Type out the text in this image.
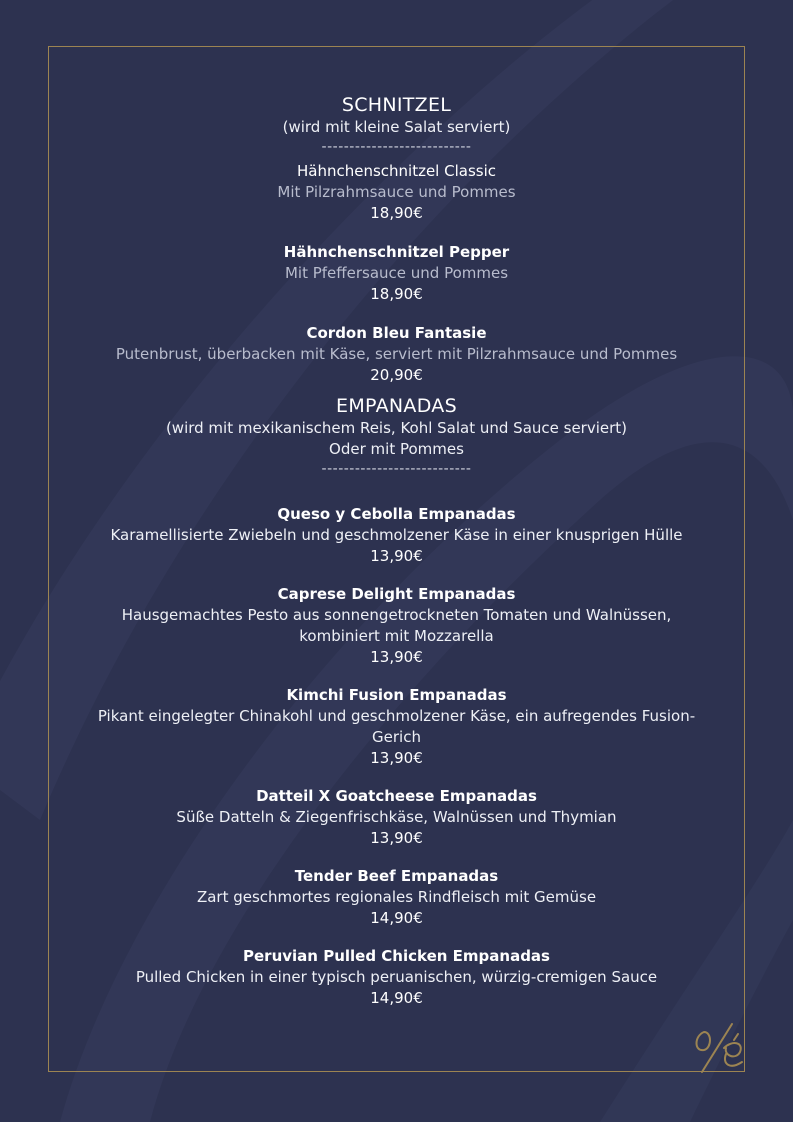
SCHNITZEL
(wird mit kleine Salat serviert)
---------------------------
Hähnchenschnitzel Classic
Mit Pilzrahmsauce und Pommes
18,90€
Hähnchenschnitzel Pepper
Mit Pfeffersauce und Pommes
18,90€
Cordon Bleu Fantasie
Putenbrust, überbacken mit Käse, serviert mit Pilzrahmsauce und Pommes
20,90€
EMPANADAS
(wird mit mexikanischem Reis, Kohl Salat und Sauce serviert)
Oder mit Pommes
---------------------------
Queso y Cebolla Empanadas
Karamellisierte Zwiebeln und geschmolzener Käse in einer knusprigen Hülle
13,90€
Caprese Delight Empanadas
Hausgemachtes Pesto aus sonnengetrockneten Tomaten und Walnüssen, kombiniert mit Mozzarella
13,90€
Kimchi Fusion Empanadas
Pikant eingelegter Chinakohl und geschmolzener Käse, ein aufregendes Fusion-Gerich
13,90€
Datteil X Goatcheese Empanadas
Süße Datteln & Ziegenfrischkäse, Walnüssen und Thymian
13,90€
Tender Beef Empanadas
Zart geschmortes regionales Rindfleisch mit Gemüse
14,90€
Peruvian Pulled Chicken Empanadas
Pulled Chicken in einer typisch peruanischen, würzig-cremigen Sauce
14,90€
